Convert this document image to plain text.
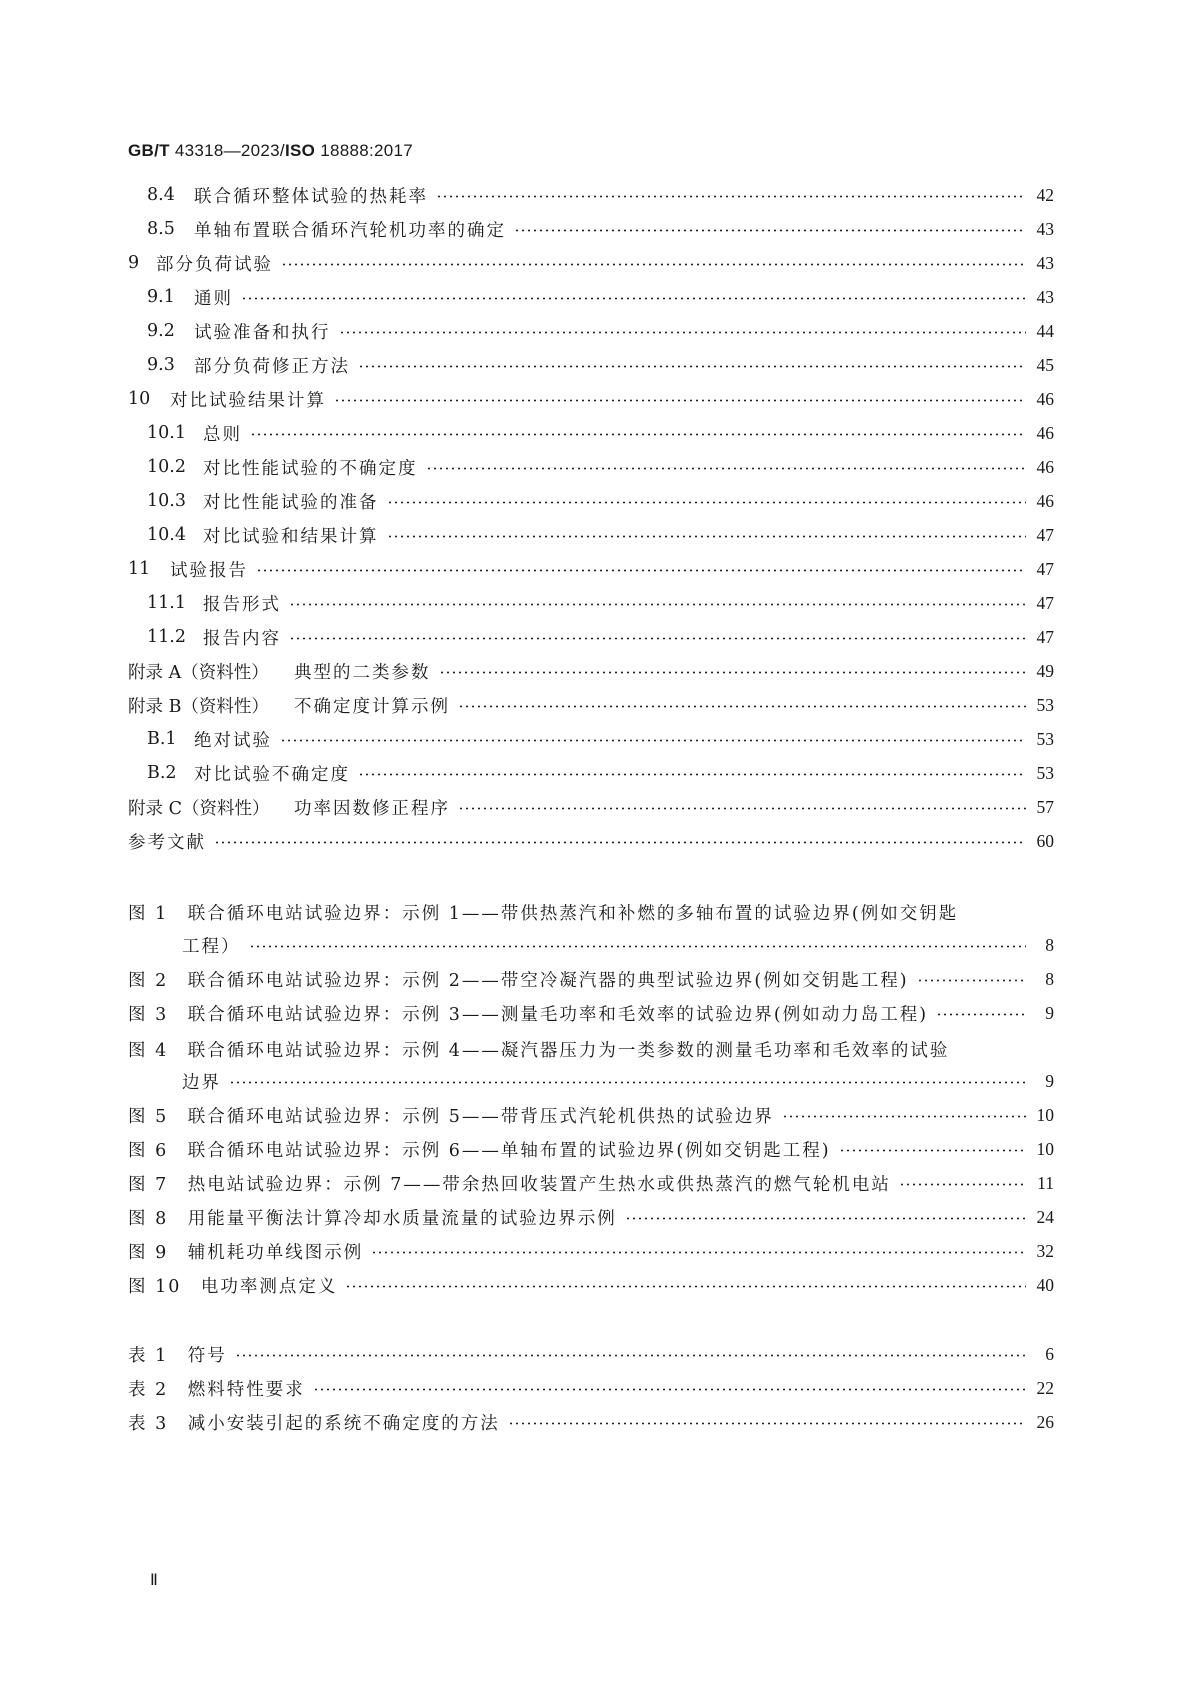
GB/T 43318—2023/ISO 18888:2017
8.4	联合循环整体试验的热耗率	42
8.5	单轴布置联合循环汽轮机功率的确定	43
9 部分负荷试验	43
9.1	通则	43
9.2	试验准备和执行	44
9.3	部分负荷修正方法	45
10	对比试验结果计算	46
10.1 总则	46
10.2 对比性能试验的不确定度	46
10.3 对比性能试验的准备	46
10.4 对比试验和结果计算	47
11	试验报告	47
11.1 报告形式	47
11.2 报告内容	47
附录 A（资料性）	典型的二类参数	49
附录 B（资料性）	不确定度计算示例	53
B.1 绝对试验	53
B.2 对比试验不确定度	53
附录 C（资料性）	功率因数修正程序	57
参考文献	60
图 1　联合循环电站试验边界：示例 1——带供热蒸汽和补燃的多轴布置的试验边界(例如交钥匙
工程）	8
图 2　联合循环电站试验边界：示例 2——带空冷凝汽器的典型试验边界(例如交钥匙工程)	8
图 3　联合循环电站试验边界：示例 3——测量毛功率和毛效率的试验边界(例如动力岛工程)	9
图 4　联合循环电站试验边界：示例 4——凝汽器压力为一类参数的测量毛功率和毛效率的试验
边界	9
图 5　联合循环电站试验边界：示例 5——带背压式汽轮机供热的试验边界	10
图 6　联合循环电站试验边界：示例 6——单轴布置的试验边界(例如交钥匙工程)	10
图 7　热电站试验边界：示例 7——带余热回收装置产生热水或供热蒸汽的燃气轮机电站	11
图 8　用能量平衡法计算冷却水质量流量的试验边界示例	24
图 9　辅机耗功单线图示例	32
图 10　电功率测点定义	40
表 1　符号	6
表 2　燃料特性要求	22
表 3　减小安装引起的系统不确定度的方法	26
Ⅱ
